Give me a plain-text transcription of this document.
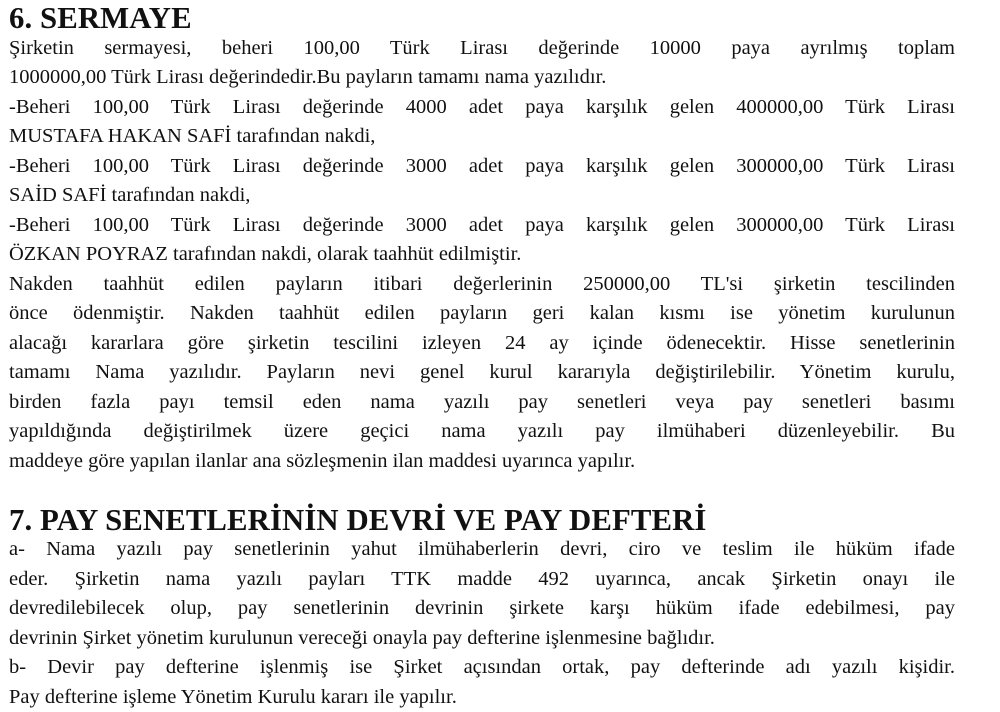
6. SERMAYE
Şirketin sermayesi, beheri 100,00 Türk Lirası değerinde 10000 paya ayrılmış toplam
1000000,00 Türk Lirası değerindedir.Bu payların tamamı nama yazılıdır.
-Beheri 100,00 Türk Lirası değerinde 4000 adet paya karşılık gelen 400000,00 Türk Lirası
MUSTAFA HAKAN SAFİ tarafından nakdi,
-Beheri 100,00 Türk Lirası değerinde 3000 adet paya karşılık gelen 300000,00 Türk Lirası
SAİD SAFİ tarafından nakdi,
-Beheri 100,00 Türk Lirası değerinde 3000 adet paya karşılık gelen 300000,00 Türk Lirası
ÖZKAN POYRAZ tarafından nakdi, olarak taahhüt edilmiştir.
Nakden taahhüt edilen payların itibari değerlerinin 250000,00 TL'si şirketin tescilinden
önce ödenmiştir. Nakden taahhüt edilen payların geri kalan kısmı ise yönetim kurulunun
alacağı kararlara göre şirketin tescilini izleyen 24 ay içinde ödenecektir. Hisse senetlerinin
tamamı Nama yazılıdır. Payların nevi genel kurul kararıyla değiştirilebilir. Yönetim kurulu,
birden fazla payı temsil eden nama yazılı pay senetleri veya pay senetleri basımı
yapıldığında değiştirilmek üzere geçici nama yazılı pay ilmühaberi düzenleyebilir. Bu
maddeye göre yapılan ilanlar ana sözleşmenin ilan maddesi uyarınca yapılır.
7. PAY SENETLERİNİN DEVRİ VE PAY DEFTERİ
a- Nama yazılı pay senetlerinin yahut ilmühaberlerin devri, ciro ve teslim ile hüküm ifade
eder. Şirketin nama yazılı payları TTK madde 492 uyarınca, ancak Şirketin onayı ile
devredilebilecek olup, pay senetlerinin devrinin şirkete karşı hüküm ifade edebilmesi, pay
devrinin Şirket yönetim kurulunun vereceği onayla pay defterine işlenmesine bağlıdır.
b- Devir pay defterine işlenmiş ise Şirket açısından ortak, pay defterinde adı yazılı kişidir.
Pay defterine işleme Yönetim Kurulu kararı ile yapılır.
